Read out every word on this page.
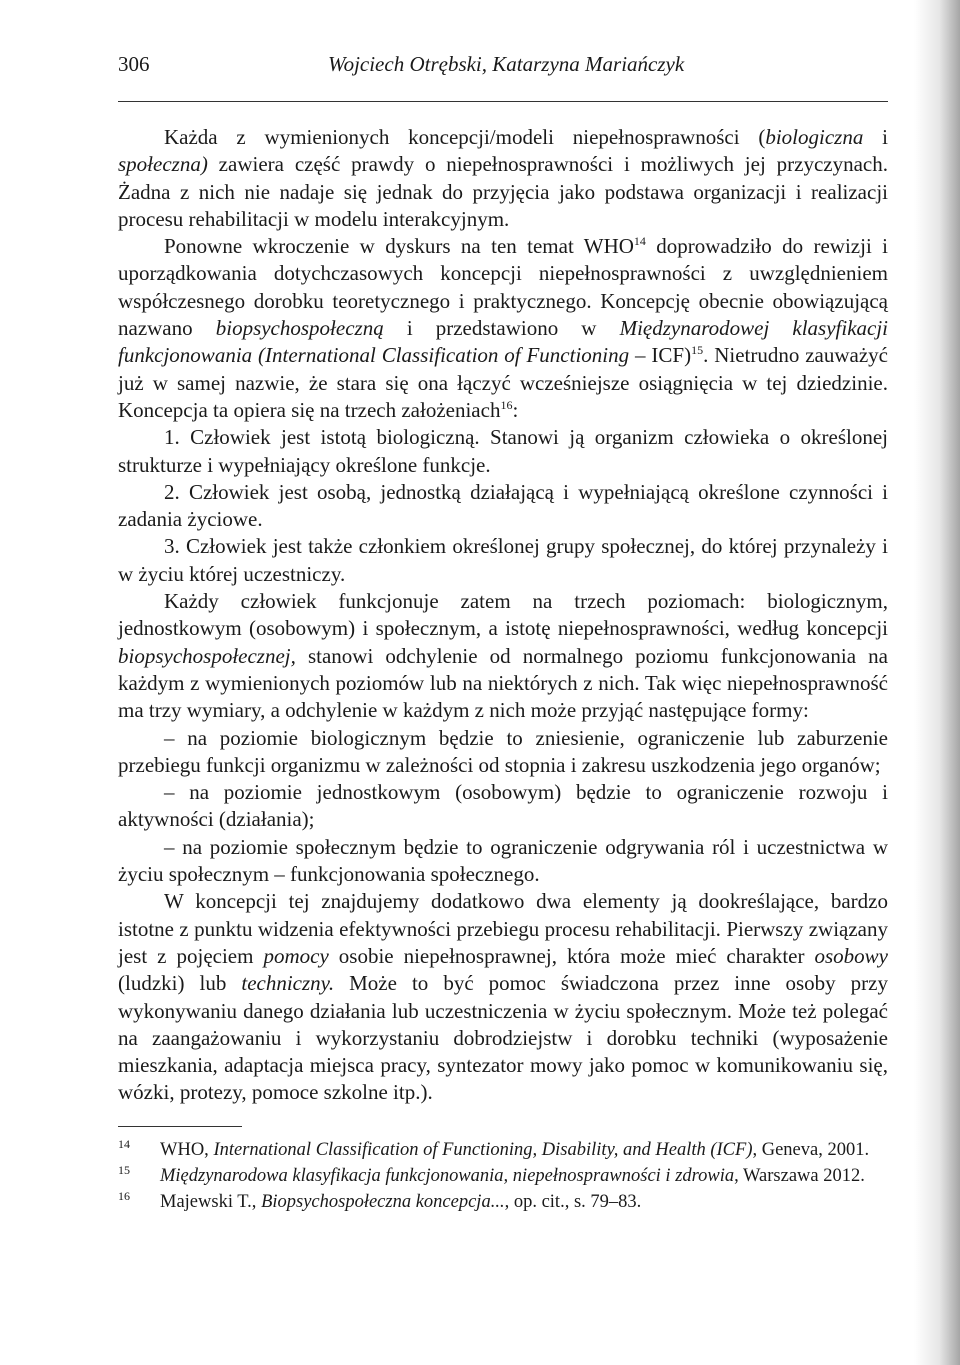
306	Wojciech Otrębski, Katarzyna Mariańczyk

Każda z wymienionych koncepcji/modeli niepełnosprawności (biologiczna i społeczna) zawiera część prawdy o niepełnosprawności i możliwych jej przyczynach. Żadna z nich nie nadaje się jednak do przyjęcia jako podstawa organizacji i realizacji procesu rehabilitacji w modelu interakcyjnym.

Ponowne wkroczenie w dyskurs na ten temat WHO$^{14}$ doprowadziło do rewizji i uporządkowania dotychczasowych koncepcji niepełnosprawności z uwzględnieniem współczesnego dorobku teoretycznego i praktycznego. Koncepcję obecnie obowiązującą nazwano biopsychospołeczną i przedstawiono w Międzynarodowej klasyfikacji funkcjonowania (International Classification of Functioning – ICF)$^{15}$. Nietrudno zauważyć już w samej nazwie, że stara się ona łączyć wcześniejsze osiągnięcia w tej dziedzinie. Koncepcja ta opiera się na trzech założeniach$^{16}$:

1. Człowiek jest istotą biologiczną. Stanowi ją organizm człowieka o określonej strukturze i wypełniający określone funkcje.

2. Człowiek jest osobą, jednostką działającą i wypełniającą określone czynności i zadania życiowe.

3. Człowiek jest także członkiem określonej grupy społecznej, do której przynależy i w życiu której uczestniczy.

Każdy człowiek funkcjonuje zatem na trzech poziomach: biologicznym, jednostkowym (osobowym) i społecznym, a istotę niepełnosprawności, według koncepcji biopsychospołecznej, stanowi odchylenie od normalnego poziomu funkcjonowania na każdym z wymienionych poziomów lub na niektórych z nich. Tak więc niepełnosprawność ma trzy wymiary, a odchylenie w każdym z nich może przyjąć następujące formy:

– na poziomie biologicznym będzie to zniesienie, ograniczenie lub zaburzenie przebiegu funkcji organizmu w zależności od stopnia i zakresu uszkodzenia jego organów;

– na poziomie jednostkowym (osobowym) będzie to ograniczenie rozwoju i aktywności (działania);

– na poziomie społecznym będzie to ograniczenie odgrywania ról i uczestnictwa w życiu społecznym – funkcjonowania społecznego.

W koncepcji tej znajdujemy dodatkowo dwa elementy ją dookreślające, bardzo istotne z punktu widzenia efektywności przebiegu procesu rehabilitacji. Pierwszy związany jest z pojęciem pomocy osobie niepełnosprawnej, która może mieć charakter osobowy (ludzki) lub techniczny. Może to być pomoc świadczona przez inne osoby przy wykonywaniu danego działania lub uczestniczenia w życiu społecznym. Może też polegać na zaangażowaniu i wykorzystaniu dobrodziejstw i dorobku techniki (wyposażenie mieszkania, adaptacja miejsca pracy, syntezator mowy jako pomoc w komunikowaniu się, wózki, protezy, pomoce szkolne itp.).

$^{14}$ WHO, International Classification of Functioning, Disability, and Health (ICF), Geneva, 2001.

$^{15}$ Międzynarodowa klasyfikacja funkcjonowania, niepełnosprawności i zdrowia, Warszawa 2012.

$^{16}$ Majewski T., Biopsychospołeczna koncepcja..., op. cit., s. 79–83.
